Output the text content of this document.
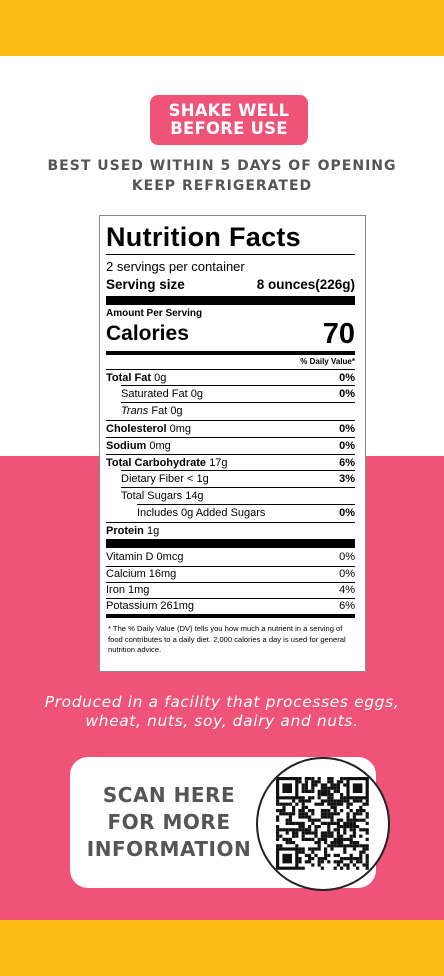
SHAKE WELL
BEFORE USE
BEST USED WITHIN 5 DAYS OF OPENING
KEEP REFRIGERATED
Nutrition Facts
2 servings per container
Serving size	8 ounces(226g)
Amount Per Serving
Calories	70
% Daily Value*
Total Fat 0g	0%
Saturated Fat 0g	0%
Trans Fat 0g
Cholesterol 0mg	0%
Sodium 0mg	0%
Total Carbohydrate 17g	6%
Dietary Fiber < 1g	3%
Total Sugars 14g
Includes 0g Added Sugars	0%
Protein 1g
Vitamin D 0mcg	0%
Calcium 16mg	0%
Iron 1mg	4%
Potassium 261mg	6%
* The % Daily Value (DV) tells you how much a nutrient in a serving of food contributes to a daily diet. 2,000 calories a day is used for general nutrition advice.
Produced in a facility that processes eggs,
wheat, nuts, soy, dairy and nuts.
SCAN HERE
FOR MORE
INFORMATION
